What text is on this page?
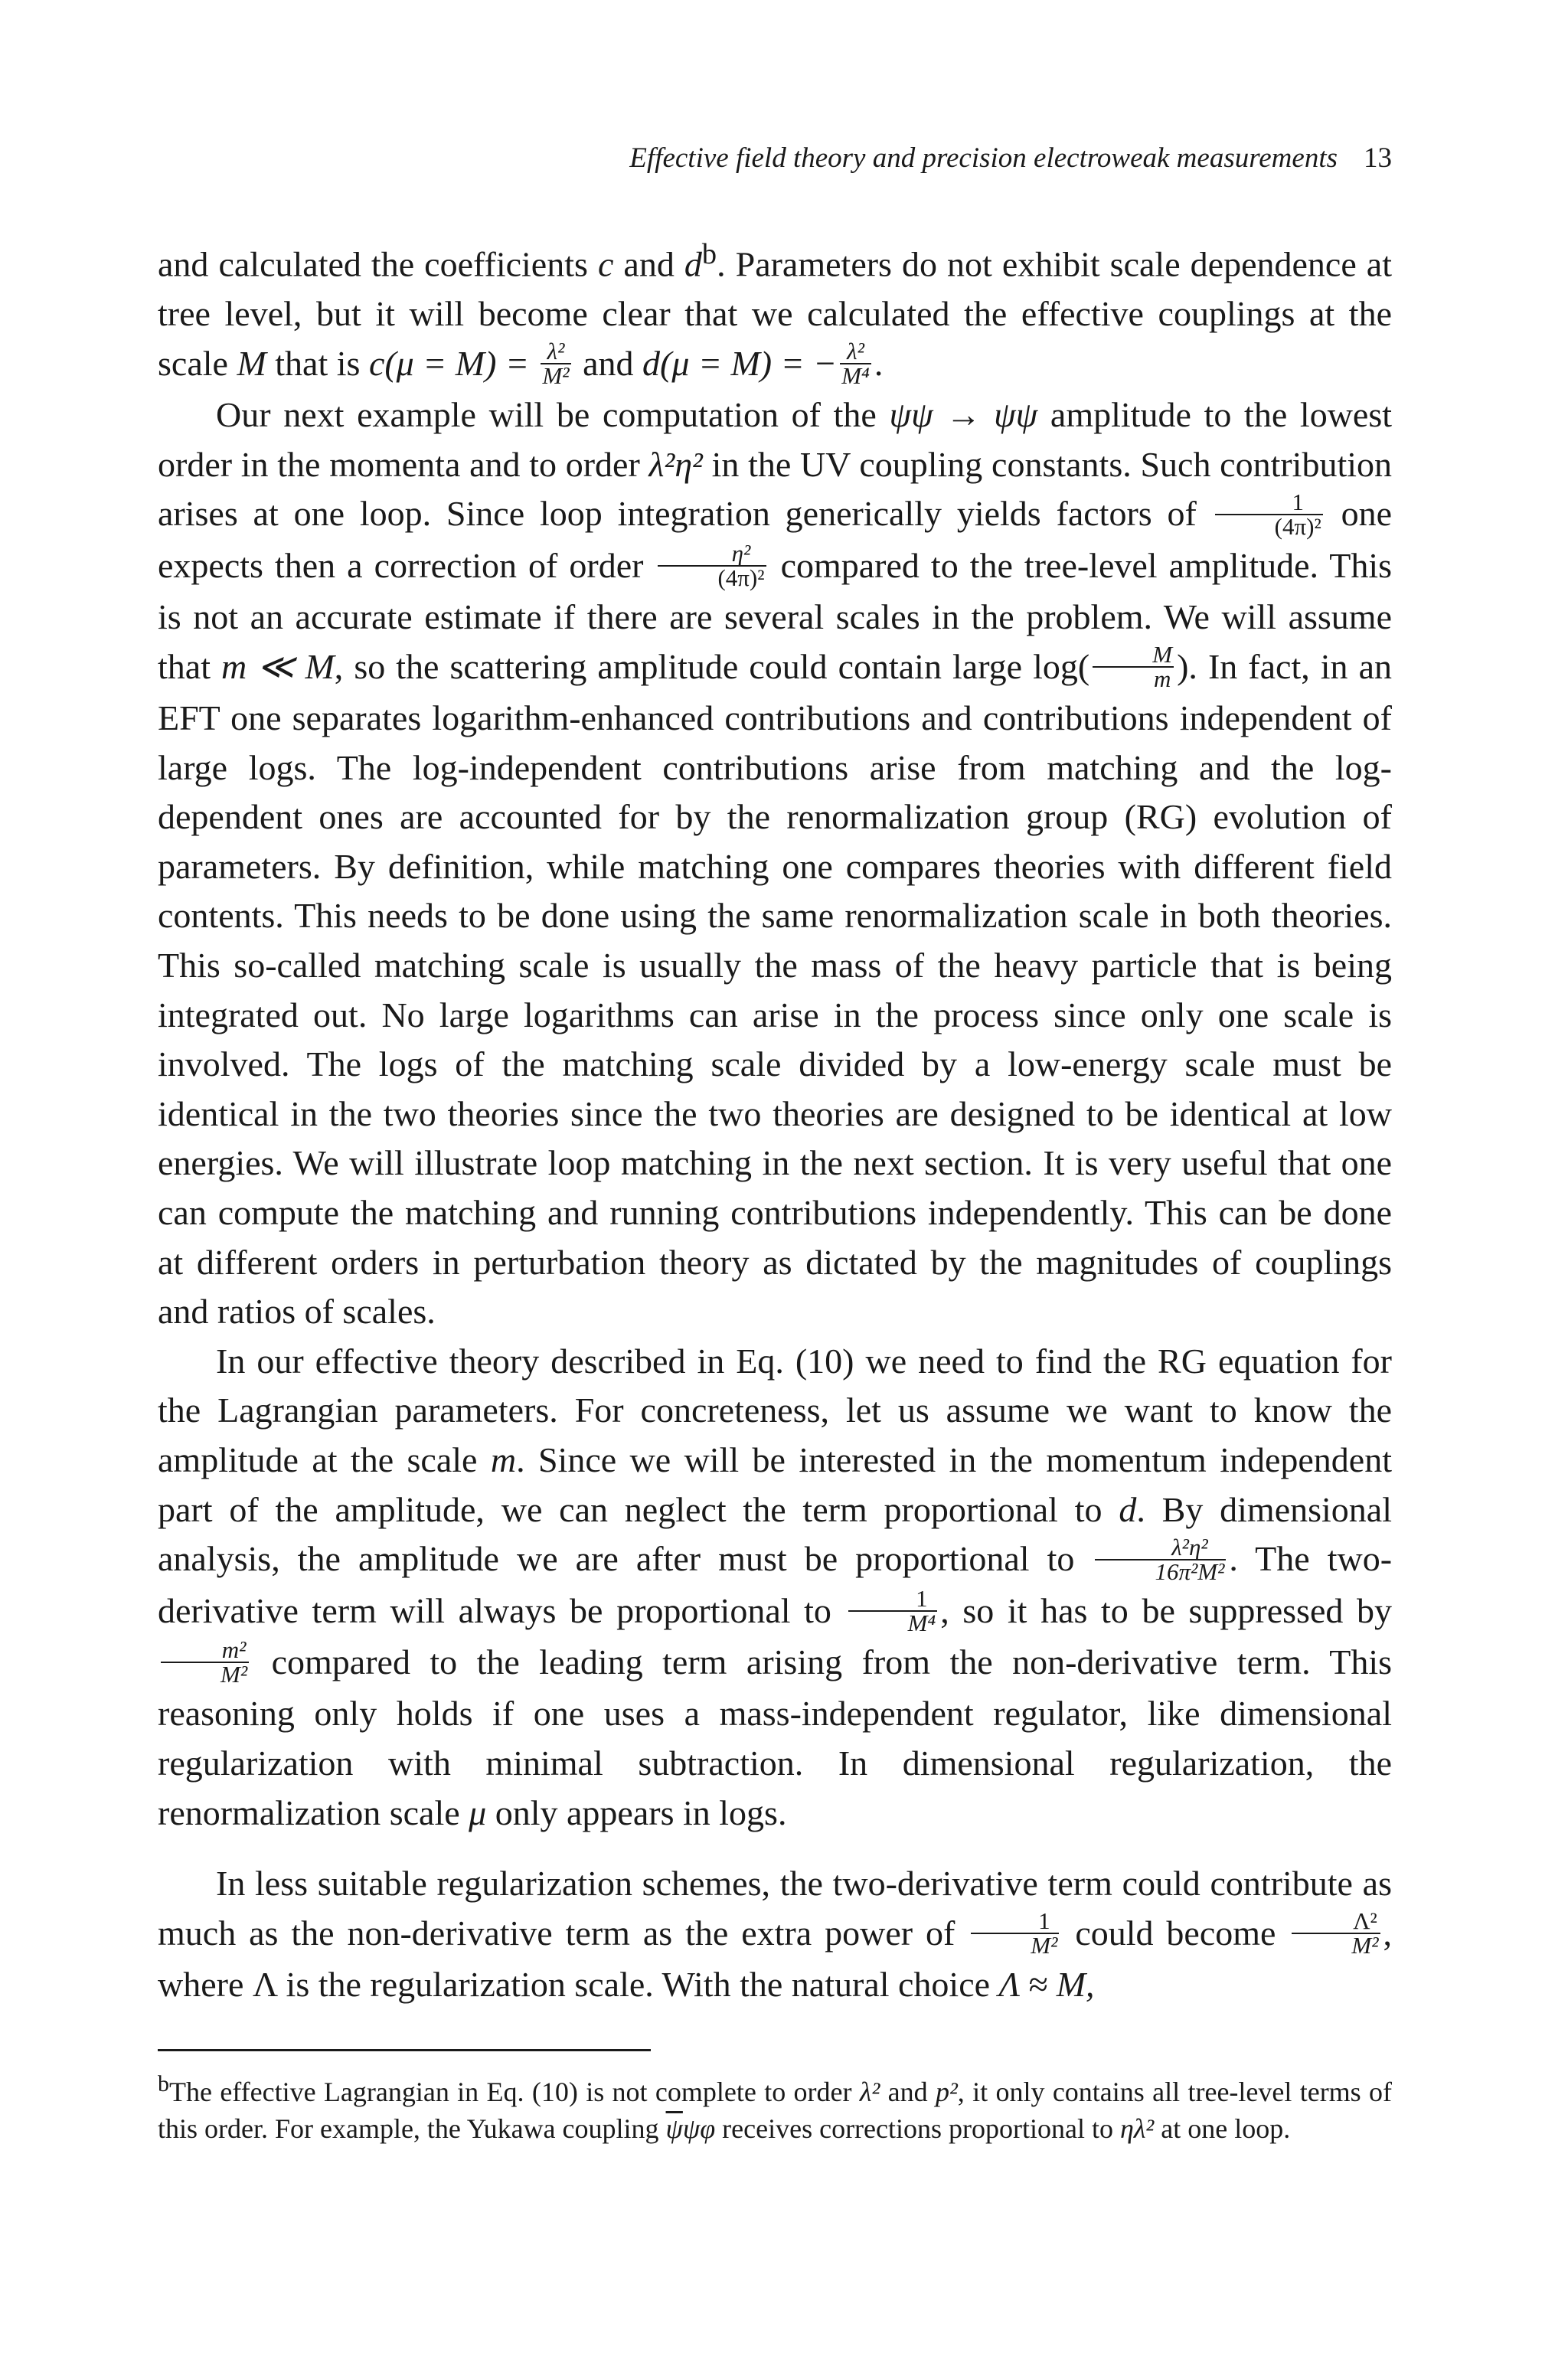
Effective field theory and precision electroweak measurements 13

and calculated the coefficients c and $d^b$. Parameters do not exhibit scale dependence at tree level, but it will become clear that we calculated the effective couplings at the scale M that is $c(\mu = M) = \frac{\text{λ²}}{\text{M²}}$ and d(μ = M) = − $\frac{\text{λ²}}{\text{M⁴}}$ .

Our next example will be computation of the ψψ → ψψ amplitude to the lowest order in the momenta and to order λ²η² in the UV coupling constants. Such contribution arises at one loop. Since loop integration generically yields factors of $\frac{1}{\text{(4π)²}}$ one expects then a correction of order $\frac{\text{η²}}{\text{(4π)²}}$ compared to the tree-level amplitude. This is not an accurate estimate if there are several scales in the problem. We will assume that m ≪ M, so the scattering amplitude could contain large $\log( \frac{M}{m}$ ). In fact, in an EFT one separates logarithm-enhanced contributions and contributions independent of large logs. The log-independent contributions arise from matching and the log-dependent ones are accounted for by the renormalization group (RG) evolution of parameters. By definition, while matching one compares theories with different field contents. This needs to be done using the same renormalization scale in both theories. This so-called matching scale is usually the mass of the heavy particle that is being integrated out. No large logarithms can arise in the process since only one scale is involved. The logs of the matching scale divided by a low-energy scale must be identical in the two theories since the two theories are designed to be identical at low energies. We will illustrate loop matching in the next section. It is very useful that one can compute the matching and running contributions independently. This can be done at different orders in perturbation theory as dictated by the magnitudes of couplings and ratios of scales.

In our effective theory described in Eq. (10) we need to find the RG equation for the Lagrangian parameters. For concreteness, let us assume we want to know the amplitude at the scale m. Since we will be interested in the momentum independent part of the amplitude, we can neglect the term proportional to d. By dimensional analysis, the amplitude we are after must be proportional to $\frac{\text{λ²η²}}{\text{16π²M²}}$ . The two-derivative term will always be proportional to $\frac{1}{\text{M⁴}}$ , so it has to be suppressed by
$\frac{\text{m²}}{\text{M²}}$ compared to the leading term arising from the non-derivative term. This reasoning only holds if one uses a mass-independent regulator, like dimensional regularization with minimal subtraction. In dimensional regularization, the renormalization scale μ only appears in logs.

In less suitable regularization schemes, the two-derivative term could contribute as much as the non-derivative term as the extra power of $\frac{1}{\text{M²}}$ could become $\frac{\text{Λ²}}{\text{M²}}$ , where Λ is the regularization scale. With the natural choice Λ ≈ M,

$^b$The effective Lagrangian in Eq. (10) is not complete to order λ² and p², it only contains all tree-level terms of this order. For example, the Yukawa coupling $\overline{\psi}\psi\varphi$ receives corrections proportional to ηλ² at one loop.
